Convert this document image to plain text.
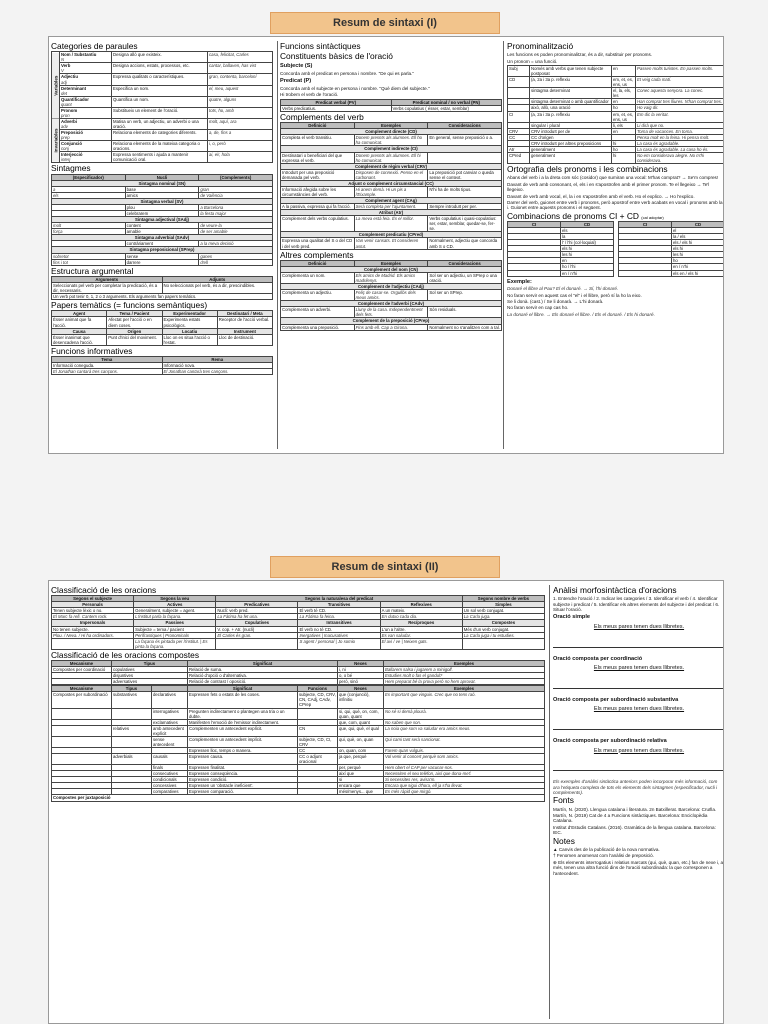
Resum de sintaxi (I)
Categories de paraules
Variables	Nom / Substantiu
N	Designa allò que existeix.	casa, felicitat, Carles
	Verb
V	Designa accions, estats, processos, etc.	cantar, ballaven, has vist
	Adjectiu
adj	Expressa qualitats o característiques.	gran, contenta, barceloní
	Determinant
det	Especifica un nom.	el, meu, aquest
	Quantificador
quant	Quantifica un nom.	quatre, alguns
	Pronom
pron	Substitueix un element de l'oració.	tots, ho, amb
Invariables	Adverbi
adv	Matisa un verb, un adjectiu, un adverbi o una oració.	molt, aquí, ara
	Preposició
prep	Relaciona elements de categories diferents.	a, de, fins a
	Conjunció
conj	Relaciona elements de la mateixa categoria o oracions.	i, o, però
	Interjecció
interj	Expressa sentiments i ajuda a mantenir comunicació oral.	ai, ei!, hola
Sintagmes
(Especificador)	Nucli	(Complements)
Sintagma nominal (SN)		
a	base	gran
els	amics	de València
Sintagma verbal (SV)		
	plou	a Barcelona
	celebrarem	la festa major
Sintagma adjectival (SAdj)		
molt	content	de veure-la
força	amable	de ser amable
Sintagma adverbial (SAdv)		
	contràriament	a la meva decisió
Sintagma preposicional (SPrep)		
sobretot	sense	ganes
fins i tot	darrere	d'ell
Estructura argumental
Arguments	Adjunts
Seleccionats pel verb per completar la predicació, és a dir, necessaris.	No seleccionats pel verb, és a dir, prescindibles.
Un verb pot tenir 0, 1, 2 o 3 arguments. Els arguments fan papers temàtics.	
Papers temàtics (= funcions semàntiques)
Agent	Tema / Pacient	Experimentador	Destinatari / Meta
Èsser animat que fa l'acció.	Afectat per l'acció o en diem coses.	Experimenta estats psicològics.	Receptor de l'acció verbal.
Causa	Origen	Locatiu	Instrument
Èsser inanimat que desencadena l'acció.	Punt d'inici del moviment.	Lloc on es situa l'acció o l'estat.	Lloc de destinació.
Funcions informatives
Tema	Rema
Informació coneguda.	Informació nova.
El Jonathan cantarà tres cançons.	El Jonathan cantarà tres cançons.
Funcions sintàctiques
Constituents bàsics de l'oració
Subjecte (S)

Concorda amb el predicat en persona i nombre. "De qui es parla."

Predicat (P)

Concorda amb el subjecte en persona i nombre. "Què diem del subjecte."

Hi trobem el verb de l'oració.

Predicat verbal (PV)	Predicat nominal / no verbal (PN)
Verbs predicatius.	Verbs copulatius ( ésser, estar, semblar)
Complements del verb
Definició	Exemples	Consideracions
Complement directe (CD)		
Completa el verb transitiu.	Donem presnts als alumnes. Ell ho ha comunicat.	En general, sense preposició o a.
Complement indirecte (CI)		
Destinatari o beneficiari del que expressa el verb.	Donem presnts als alumnes. Ell hi ho comunicat.	
Complement de règim verbal (CRV)		
Introduït per una preposició demanada pel verb.	Disposen de connexió. Penso en el carbonant.	La preposició pot canviar o queda sense el context.
Adjunt o complement circumstancial (CC)		
Informació afegida sobre les circumstàncies del verb.	Hi anem demà. Hi un pis a l'Eixample.	N'hi ha de molts tipus.
Complement agent (CAg)		
A la passiva, expressa qui fa l'acció.	Serà completa per l'ajuntament.	Sempre introduït per per.
Atribut (Atr)		
Complement dels verbs copulatius.	La meva està feia. És el millor.	Verbs copulatius i quasi-copulatius: ser, estar, semblar, quedar-se, fer-se.
Complement predicatiu (CPred)		
Expressa una qualitat del S o del CD i del verb pred.	Van venir cansats. Et consideren astut.	Normalment, adjectiu que concorda amb S o CD.
Altres complements
Definició	Exemples	Consideracions
Complement del nom (CN)		
Complementa un nom.	Els amics de Madrid. Els amics madrilenys.	Sol ser un adjectiu, un SPrep o una oració.
Complement de l'adjectiu (CAdj)		
Complementa un adjectiu.	Feliç de casar-se. Orgullós dels meus amics.	Sol ser un SPrep.
Complement de l'adverbi (CAdv)		
Complementa un adverbi.	Lluny de la casa. Independentment dels fets.	Són residuals.
Complement de la preposició (CPrep)		
Complementa una preposició.	Fins amb ell. Cap a Girona.	Normalment no s'analitzen com a tal.
Pronominalització

Les funcions es poden pronominalitzar, és a dir, substituir per pronoms.

Un pronom = una funció.

Subj	Només amb verbs que tenen subjecte postposat	en	Passen molts turistes. En passen molts.
CD	(a, 2a i 3a p. reflexiu	em, et, es, ens, us	Et veig cada matí.
	sintagma determinat	el, la, els, les	Conec aquesta senyora. La conec.
	sintagma determinat o amb quantificador	en	Han comprat tres lliures. N'han comprat tres.
	això, allò, una oració	ho	Ho vaig dir.
CI	(a, 2a i 3a p. reflexiu	em, et, es, ens, us	Em dic la veritat.
	singular i plural	li, els	Li dirà que no.
CRV	CRV introduït per de	en	Torna de vacances. En torna.
CC	CC d'origen		Pensa molt en la feina. Hi pensa molt.
	CRV introduït per altres preposicions	hi	La casa és agradable.
Atr	generalment	ho	La casa és agradable. La casa ho és.
CPred	generalment	hi	No em considerava alegre. No m'hi considerava.
Ortografia dels pronoms i les combinacions

Abans del verb i a la dreta com sóc (cosidor) que sumiran una vocal: M'has comprat? → Se'm compres!

Davant de verb amb consonant, el, els i en s'apostrofen amb el primer pronom. Te el llegeixo → Te'l llegeixo.

Davant de verb amb vocal, el, la i en s'apostrofen amb el verb. Ho el explico. → Ho l'explico.

Darrer del verb, guionet entre verb i pronoms, però apostrof entre verb acabats en vocal i pronoms amb la i. Guionet entre aquests pronoms i el següent.

Combinacions de pronoms CI + CD (cal adoptar)
CI	CD
	els
	la
	l' / l'hi (col·loquial)
	els hi
	les hi
	en
	ho / l'hi
	en / n'hi
CI	CD
	el
	la / els
	els / els hi
	els hi
	les hi
	ho
	en / n'hi
	els en / els hi
Exemple:

Donaré el llibre al Pau? El el donaré. → Sí, l'hi donaré.

No faran servir en aquest cas el "el" i el llibre, però sí la ho la eixo.

Se li donà. (cast.) / Se li donarà. → L'hi donarà.

No faran servir en cap cas ho.

La donaré el llibre. → Els donaré el llibre. / Els el donaré. / Els hi donaré.

Resum de sintaxi (II)
Classificació de les oracions
Segons el subjecte	Segons la veu	Segons la naturalesa del predicat			Segons nombre de verbs
Personals	Actives	Predicatives	Transitives	Reflexives	Simples
Tenen subjecte lèxic o no.	Generalment, subjecte = agent.	Nucli: verb pred.	El verb té CD.	A un mateix.	Un sol verb conjugat.
El Marc fa refi. Cantem rock.	L'institut parla la façana.	La Fàtima ha fet una.	La Fàtima fa feina.	En dutxo cada dia.	La Carla juga.
Impersonals	Passives	Copulatives	Intransitives	Recíproques	Compostes
No tenen subjecte.	Subjecte = tema / pacient	V. cop. + Atr. (nucli)	El verb no té CD.	L'un a l'altre.	Més d'un verb conjugat.
Plou. / Neva. / Hi ha ordinadors.	Perífrastiques | Pronominals	El Carles és gran.	Inergatives | Inacusatives	Es van saludar.	La Carla juga i tu estudies.
	La façana és pintada per l'institut. | Es pinta la façana.		S agent / personal | Jo somio	El avi / ve | Neixen gats.	
Classificació de les oracions compostes
Mecanisme	Tipus	Significat	Nexes	Exemples
Compostes per coordinació	copulatives	Relació de suma.	i, ni	Ballarem salsa i jugarem a minigolf.
	disjuntives	Relació d'opció o d'alternativa.	o, o bé	Estudies molt o fas el gandul?
	adversatives	Relació de contrast / oposició.	però, sinó	Hem preparat bé la prova però no hem aprovat.
Mecanisme	Tipus		Significat	Funcions	Nexes	Exemples
Compostes per subordinació	substantives	declaratives	Expressen fets o estats de les coses.	subjecte, CD, CRV, CN, CAdj, CAdv, CPrep	que (conjunció), infinitiu	Es important que vinguis. Crec que no tens raó.
		interrogatives	Pregunten indirectament o plantegen una tria o un dubte.		si, qui, què, on, com, quan, quant	No sé si demà plourà.
		exclamatives	Manifesten l'emoció de l'emissor indirectament.		que, com, quant	No saben que son.
	relatives	amb antecedent explícit	Complementen un antecedent explícit.	CN	que, qui, què, el qual	La noia que som va saludar era amics meus.
		sense antecedent	Complementen un antecedent implícit.	subjecte, CD, CI, CRV	qui, què, on, quan	Qui cami tant serà sancionat.
			Expressen lloc, temps o manera.	CC	on, quan, com	Farem quan vulguis.
	adverbials	causals	Expressen causa.	CC o adjunt oracional	ja que, perquè	Vol venir al concert perquè som amics.
		finals	Expressen finalitat.		per, perquè	Hem obert el CAP per vacunar-nos.
		consecutives	Expressen conseqüència.		així que	Necessiten el seu telèfon, així que dona-me'l.
		condicionals	Expressen condició.		si	Si necessites res, avisa'm.
		concessives	Expressen un 'obstacle ineficient'.		encara que	Encara que sigui d'hora, ell ja s'ha llevat.
		comparatives	Expressen comparació.		més/menys... que	Es més ràpid que mirgò.
Compostes per juxtaposició						
Anàlisi morfosintàctica d'oracions

1. Entendre l'oració / 2. Indicar les categories / 3. Identificar el verb / 4. Identificar subjecte i predicat / 5. Identificar els altres elements del subjecte i del predicat / 6. Situar l'oració.

Oració simple

Els meus pares tenen dues llibretes.

Oració composta per coordinació

Els meus pares tenen dues llibretes.

Oració composta per subordinació substantiva

Els meus pares tenen dues llibretes.

Oració composta per subordinació relativa

Els meus pares tenen dues llibretes.

Els exemples d'anàlisi sintàctica anteriors poden incorporar més informació, com ara l'etiqueta completa de tots els elements dels sintagmes (especificador, nucli i complements).

Fonts

Martín, N. (2020). Llengua catalana i literatura. 2n Batxillerat. Barcelona: Cruïlla.

Martín, N. (2019) Cat de 4 a Funcions sintàctiques. Barcelona: Enciclopèdia Catalana.

Institut d'Estudis Catalans. (2016). Gramàtica de la llengua catalana. Barcelona: IEC.

Notes

▲ Canvis des de la publicació de la nova normativa.

† Fenomen anomenat com l'anàlisi de preposició.

⊕ Els elements interrogatius i relatius marcats (qui, què, quan, etc.) fan de nexe i, a més, tenen una altra funció dins de l'oració subordinada: la que corresponen a l'antecedent.
